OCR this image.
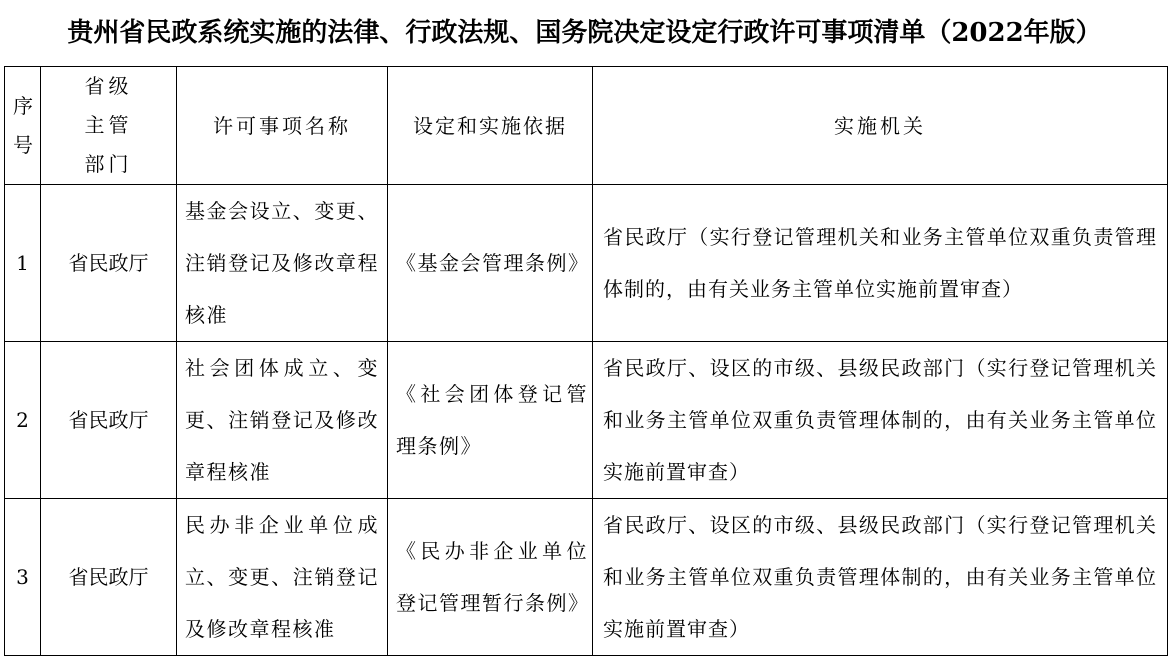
贵州省民政系统实施的法律、行政法规、国务院决定设定行政许可事项清单（2022年版）
序号	省级主管部门	许可事项名称	设定和实施依据	实施机关
1	省民政厅	基金会设立、变更、注销登记及修改章程核准	《基金会管理条例》	省民政厅（实行登记管理机关和业务主管单位双重负责管理体制的，由有关业务主管单位实施前置审查）
2	省民政厅	社会团体成立、变更、注销登记及修改章程核准	《社会团体登记管理条例》	省民政厅、设区的市级、县级民政部门（实行登记管理机关和业务主管单位双重负责管理体制的，由有关业务主管单位实施前置审查）
3	省民政厅	民办非企业单位成立、变更、注销登记及修改章程核准	《民办非企业单位登记管理暂行条例》	省民政厅、设区的市级、县级民政部门（实行登记管理机关和业务主管单位双重负责管理体制的，由有关业务主管单位实施前置审查）
